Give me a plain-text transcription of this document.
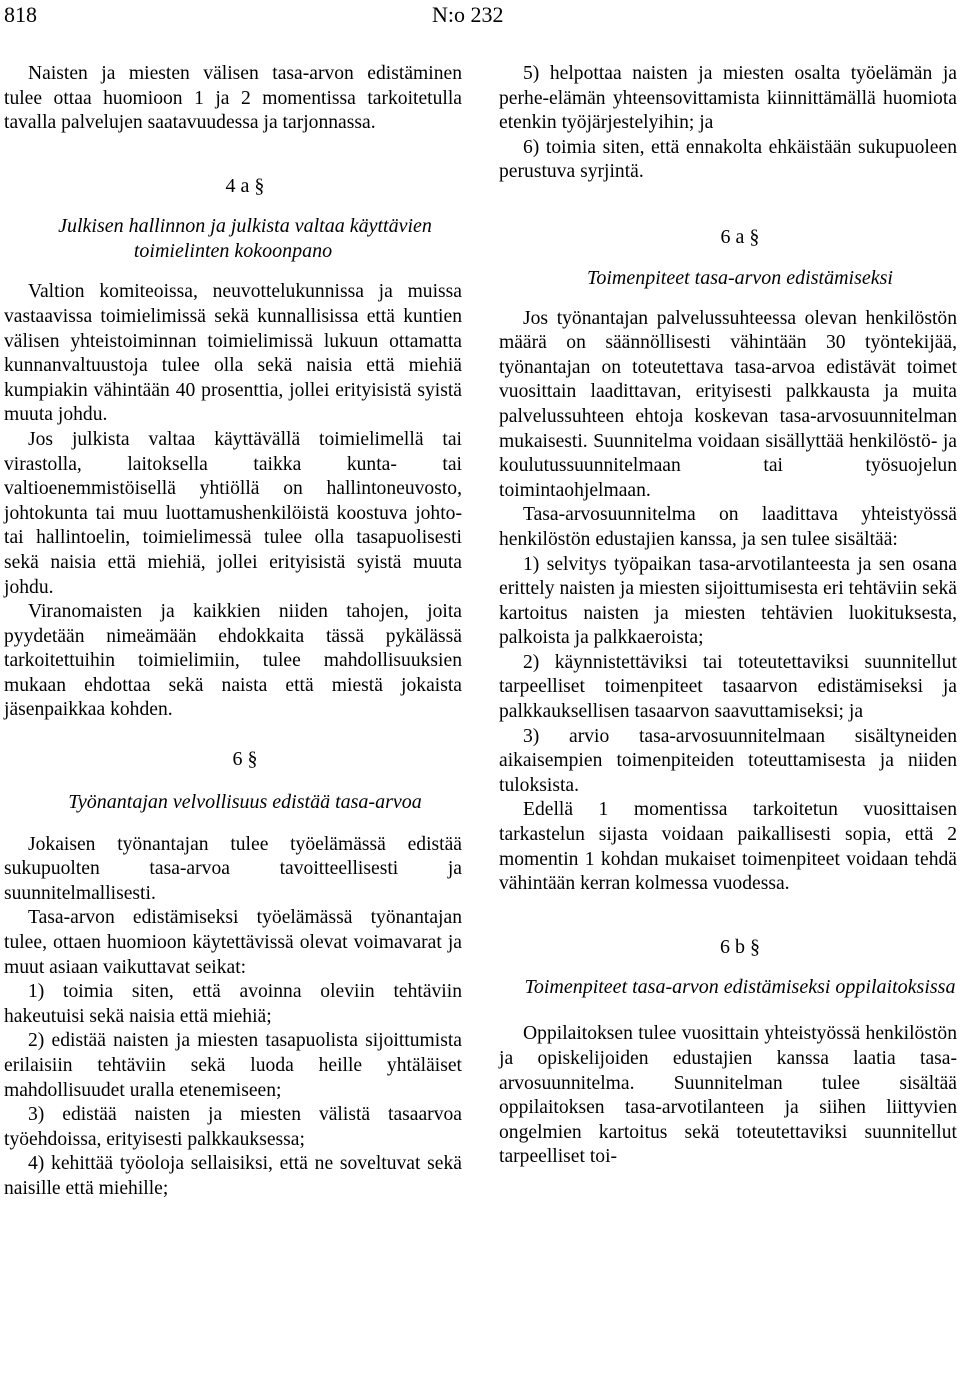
818	N:o 232

Naisten ja miesten välisen tasa-arvon edistäminen tulee ottaa huomioon 1 ja 2 momentissa tarkoitetulla tavalla palvelujen saatavuudessa ja tarjonnassa.

4 a §

Julkisen hallinnon ja julkista valtaa käyttävien toimielinten kokoonpano

Valtion komiteoissa, neuvottelukunnissa ja muissa vastaavissa toimielimissä sekä kunnallisissa että kuntien välisen yhteistoiminnan toimielimissä lukuun ottamatta kunnanvaltuustoja tulee olla sekä naisia että miehiä kumpiakin vähintään 40 prosenttia, jollei erityisistä syistä muuta johdu.

Jos julkista valtaa käyttävällä toimielimellä tai virastolla, laitoksella taikka kunta- tai valtioenemmistöisellä yhtiöllä on hallintoneuvosto, johtokunta tai muu luottamushenkilöistä koostuva johto- tai hallintoelin, toimielimessä tulee olla tasapuolisesti sekä naisia että miehiä, jollei erityisistä syistä muuta johdu.

Viranomaisten ja kaikkien niiden tahojen, joita pyydetään nimeämään ehdokkaita tässä pykälässä tarkoitettuihin toimielimiin, tulee mahdollisuuksien mukaan ehdottaa sekä naista että miestä jokaista jäsenpaikkaa kohden.

6 §

Työnantajan velvollisuus edistää tasa-arvoa

Jokaisen työnantajan tulee työelämässä edistää sukupuolten tasa-arvoa tavoitteellisesti ja suunnitelmallisesti.

Tasa-arvon edistämiseksi työelämässä työnantajan tulee, ottaen huomioon käytettävissä olevat voimavarat ja muut asiaan vaikuttavat seikat:

1) toimia siten, että avoinna oleviin tehtäviin hakeutuisi sekä naisia että miehiä;

2) edistää naisten ja miesten tasapuolista sijoittumista erilaisiin tehtäviin sekä luoda heille yhtäläiset mahdollisuudet uralla etenemiseen;

3) edistää naisten ja miesten välistä tasaarvoa työehdoissa, erityisesti palkkauksessa;

4) kehittää työoloja sellaisiksi, että ne soveltuvat sekä naisille että miehille;

5) helpottaa naisten ja miesten osalta työelämän ja perhe-elämän yhteensovittamista kiinnittämällä huomiota etenkin työjärjestelyihin; ja

6) toimia siten, että ennakolta ehkäistään sukupuoleen perustuva syrjintä.

6 a §

Toimenpiteet tasa-arvon edistämiseksi

Jos työnantajan palvelussuhteessa olevan henkilöstön määrä on säännöllisesti vähintään 30 työntekijää, työnantajan on toteutettava tasa-arvoa edistävät toimet vuosittain laadittavan, erityisesti palkkausta ja muita palvelussuhteen ehtoja koskevan tasa-arvosuunnitelman mukaisesti. Suunnitelma voidaan sisällyttää henkilöstö- ja koulutussuunnitelmaan tai työsuojelun toimintaohjelmaan.

Tasa-arvosuunnitelma on laadittava yhteistyössä henkilöstön edustajien kanssa, ja sen tulee sisältää:

1) selvitys työpaikan tasa-arvotilanteesta ja sen osana erittely naisten ja miesten sijoittumisesta eri tehtäviin sekä kartoitus naisten ja miesten tehtävien luokituksesta, palkoista ja palkkaeroista;

2) käynnistettäviksi tai toteutettaviksi suunnitellut tarpeelliset toimenpiteet tasaarvon edistämiseksi ja palkkauksellisen tasaarvon saavuttamiseksi; ja

3) arvio tasa-arvosuunnitelmaan sisältyneiden aikaisempien toimenpiteiden toteuttamisesta ja niiden tuloksista.

Edellä 1 momentissa tarkoitetun vuosittaisen tarkastelun sijasta voidaan paikallisesti sopia, että 2 momentin 1 kohdan mukaiset toimenpiteet voidaan tehdä vähintään kerran kolmessa vuodessa.

6 b §

Toimenpiteet tasa-arvon edistämiseksi oppilaitoksissa

Oppilaitoksen tulee vuosittain yhteistyössä henkilöstön ja opiskelijoiden edustajien kanssa laatia tasa-arvosuunnitelma. Suunnitelman tulee sisältää oppilaitoksen tasa-arvotilanteen ja siihen liittyvien ongelmien kartoitus sekä toteutettaviksi suunnitellut tarpeelliset toi-
